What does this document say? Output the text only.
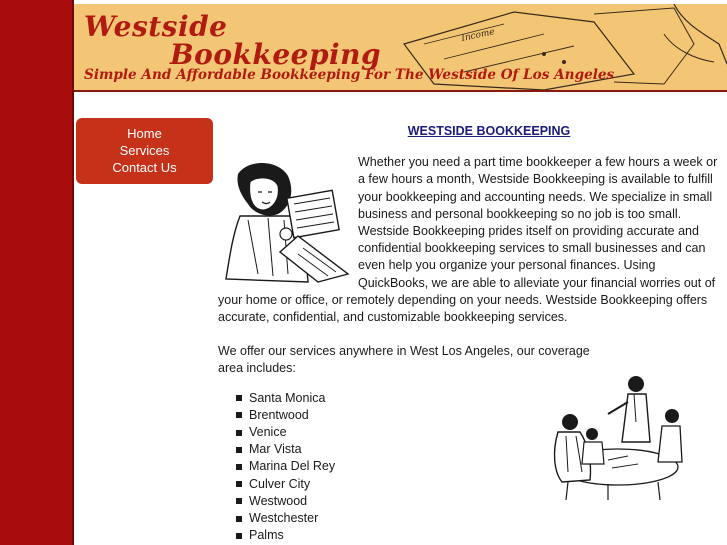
Income
Westside
Bookkeeping
Simple And Affordable Bookkeeping For The Westside Of Los Angeles
Home
Services
Contact Us
WESTSIDE BOOKKEEPING

Whether you need a part time bookkeeper a few hours a week or a few hours a month, Westside Bookkeeping is available to fulfill your bookkeeping and accounting needs. We specialize in small business and personal bookkeeping so no job is too small. Westside Bookkeeping prides itself on providing accurate and confidential bookkeeping services to small businesses and can even help you organize your personal finances. Using QuickBooks, we are able to alleviate your financial worries out of your home or office, or remotely depending on your needs. Westside Bookkeeping offers accurate, confidential, and customizable bookkeeping services.

We offer our services anywhere in West Los Angeles, our coverage area includes:

Santa Monica
Brentwood
Venice
Mar Vista
Marina Del Rey
Culver City
Westwood
Westchester
Palms
